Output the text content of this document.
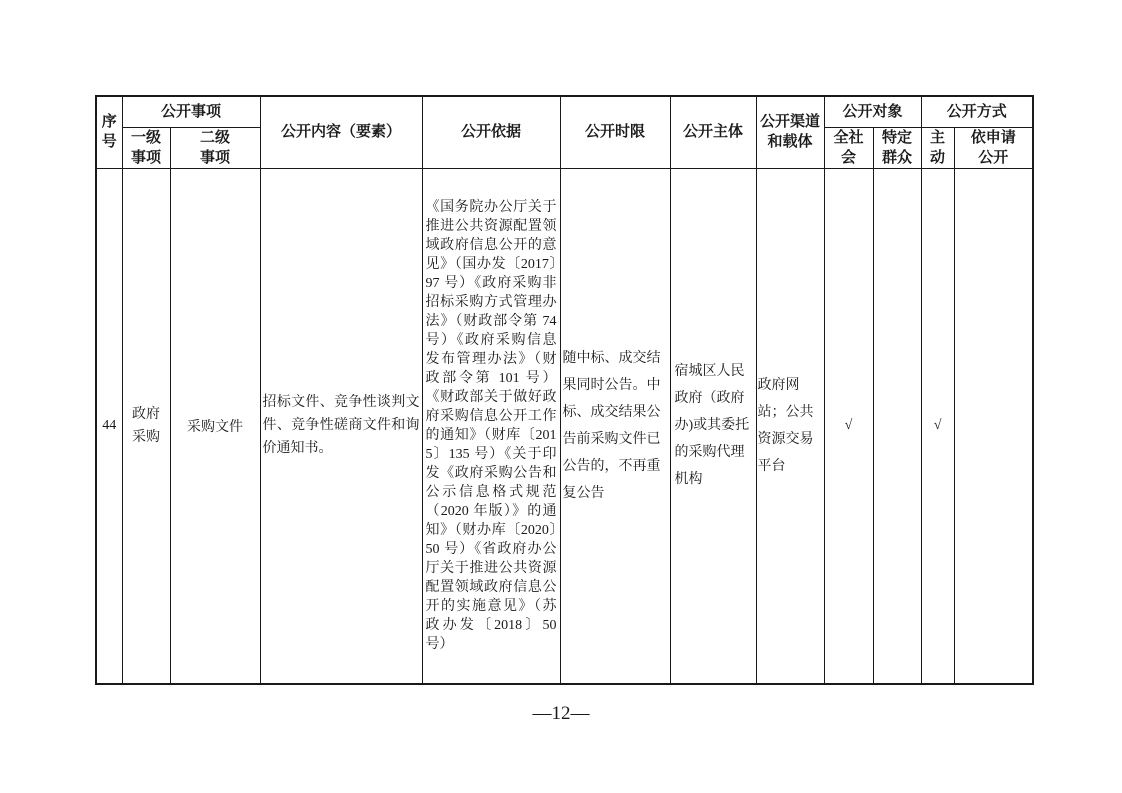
序号	公开事项		公开内容（要素）	公开依据	公开时限	公开主体	公开渠道和载体	公开对象		公开方式	
	一级事项	二级事项						全社会	特定群众	主动	依申请公开
44	政府采购	采购文件	招标文件、竞争性谈判文件、竞争性磋商文件和询价通知书。	《国务院办公厅关于推进公共资源配置领域政府信息公开的意见》（国办发〔2017〕97 号）《政府采购非招标采购方式管理办法》（财政部令第 74 号）《政府采购信息发布管理办法》（财政部令第 101 号）《财政部关于做好政府采购信息公开工作的通知》（财库〔2015〕135 号）《关于印发《政府采购公告和公示信息格式规范（2020 年版）》的通知》（财办库〔2020〕50 号）《省政府办公厅关于推进公共资源配置领域政府信息公开的实施意见》（苏政办发〔2018〕50 号）	随中标、成交结果同时公告。中标、成交结果公告前采购文件已公告的，不再重复公告	宿城区人民政府（政府办)或其委托的采购代理机构	政府网站；公共资源交易平台	√		√	
—12—
